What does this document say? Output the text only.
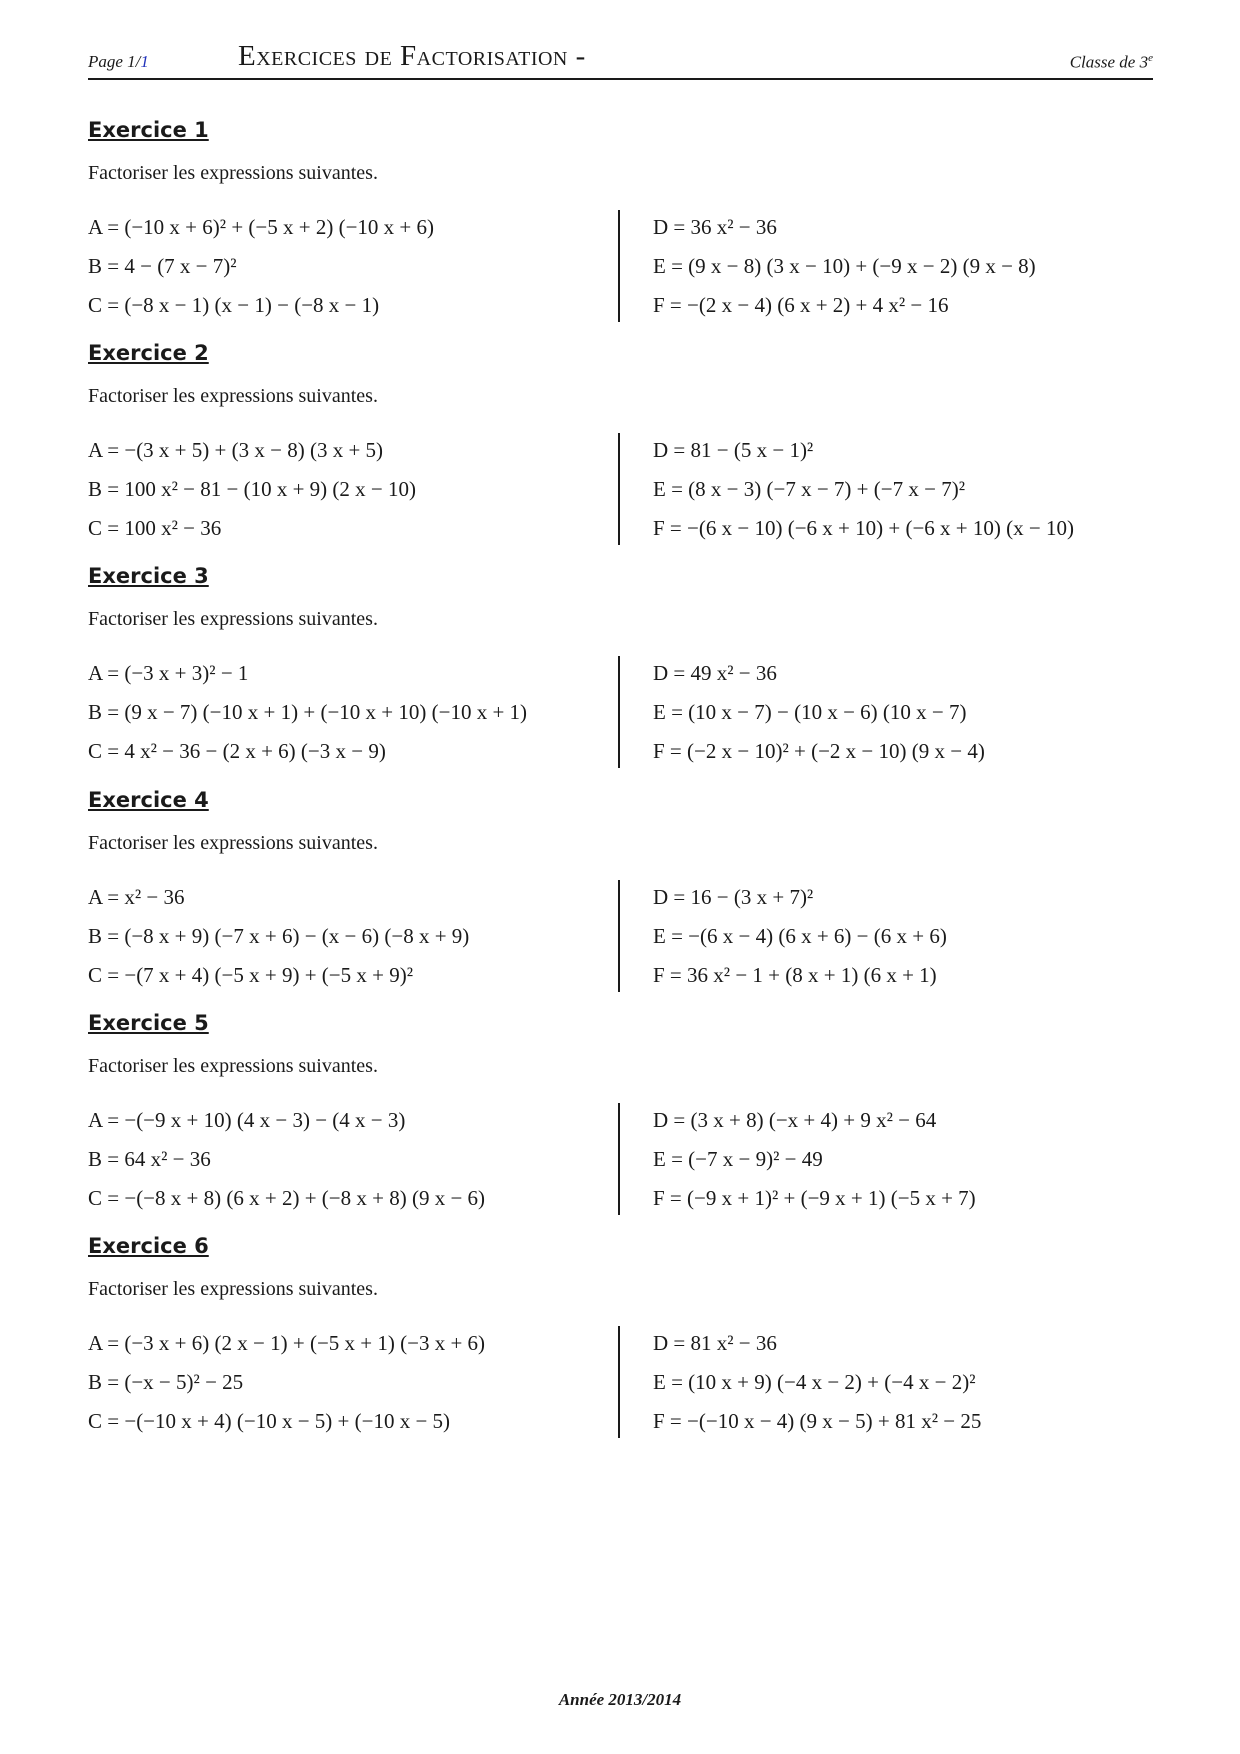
Page 1/1	Exercices de Factorisation -	Classe de 3e
Exercice 1
Factoriser les expressions suivantes.
A = (−10 x + 6)² + (−5 x + 2) (−10 x + 6)
B = 4 − (7 x − 7)²
C = (−8 x − 1) (x − 1) − (−8 x − 1)
D = 36 x² − 36
E = (9 x − 8) (3 x − 10) + (−9 x − 2) (9 x − 8)
F = −(2 x − 4) (6 x + 2) + 4 x² − 16
Exercice 2
Factoriser les expressions suivantes.
A = −(3 x + 5) + (3 x − 8) (3 x + 5)
B = 100 x² − 81 − (10 x + 9) (2 x − 10)
C = 100 x² − 36
D = 81 − (5 x − 1)²
E = (8 x − 3) (−7 x − 7) + (−7 x − 7)²
F = −(6 x − 10) (−6 x + 10) + (−6 x + 10) (x − 10)
Exercice 3
Factoriser les expressions suivantes.
A = (−3 x + 3)² − 1
B = (9 x − 7) (−10 x + 1) + (−10 x + 10) (−10 x + 1)
C = 4 x² − 36 − (2 x + 6) (−3 x − 9)
D = 49 x² − 36
E = (10 x − 7) − (10 x − 6) (10 x − 7)
F = (−2 x − 10)² + (−2 x − 10) (9 x − 4)
Exercice 4
Factoriser les expressions suivantes.
A = x² − 36
B = (−8 x + 9) (−7 x + 6) − (x − 6) (−8 x + 9)
C = −(7 x + 4) (−5 x + 9) + (−5 x + 9)²
D = 16 − (3 x + 7)²
E = −(6 x − 4) (6 x + 6) − (6 x + 6)
F = 36 x² − 1 + (8 x + 1) (6 x + 1)
Exercice 5
Factoriser les expressions suivantes.
A = −(−9 x + 10) (4 x − 3) − (4 x − 3)
B = 64 x² − 36
C = −(−8 x + 8) (6 x + 2) + (−8 x + 8) (9 x − 6)
D = (3 x + 8) (−x + 4) + 9 x² − 64
E = (−7 x − 9)² − 49
F = (−9 x + 1)² + (−9 x + 1) (−5 x + 7)
Exercice 6
Factoriser les expressions suivantes.
A = (−3 x + 6) (2 x − 1) + (−5 x + 1) (−3 x + 6)
B = (−x − 5)² − 25
C = −(−10 x + 4) (−10 x − 5) + (−10 x − 5)
D = 81 x² − 36
E = (10 x + 9) (−4 x − 2) + (−4 x − 2)²
F = −(−10 x − 4) (9 x − 5) + 81 x² − 25
Année 2013/2014
